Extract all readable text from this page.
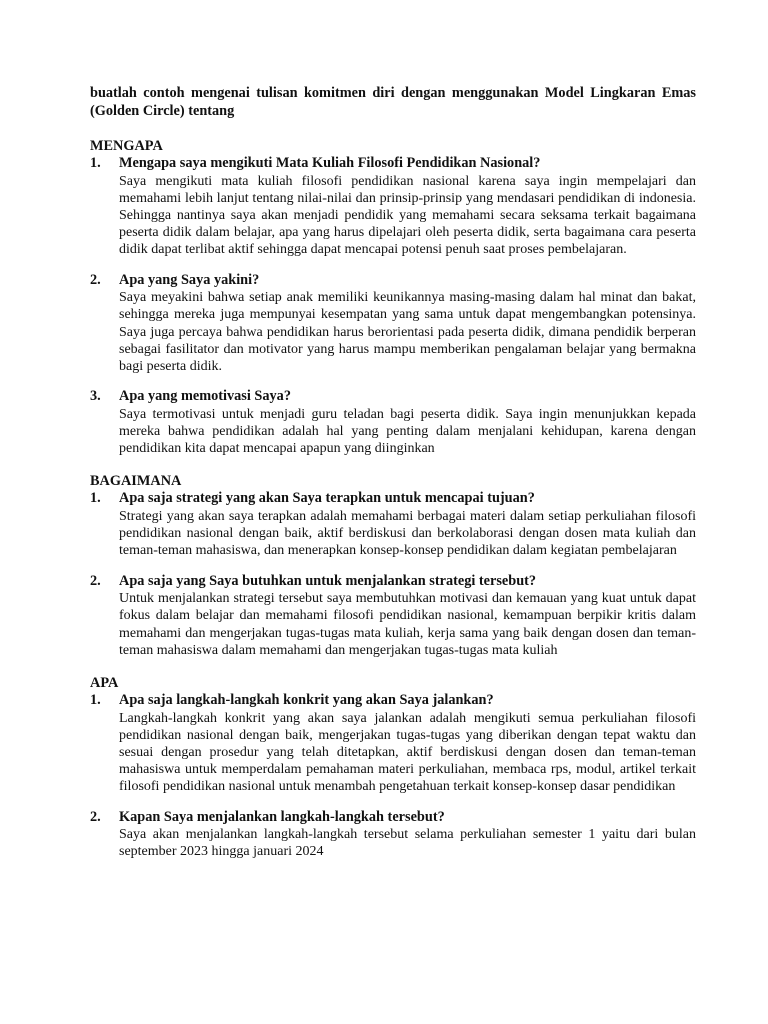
buatlah contoh mengenai tulisan komitmen diri dengan menggunakan Model Lingkaran Emas (Golden Circle) tentang

MENGAPA

1.	Mengapa saya mengikuti Mata Kuliah Filosofi Pendidikan Nasional?

Saya mengikuti mata kuliah filosofi pendidikan nasional karena saya ingin mempelajari dan memahami lebih lanjut tentang nilai-nilai dan prinsip-prinsip yang mendasari pendidikan di indonesia. Sehingga nantinya saya akan menjadi pendidik yang memahami secara seksama terkait bagaimana peserta didik dalam belajar, apa yang harus dipelajari oleh peserta didik, serta bagaimana cara peserta didik dapat terlibat aktif sehingga dapat mencapai potensi penuh saat proses pembelajaran.

2.	Apa yang Saya yakini?

Saya meyakini bahwa setiap anak memiliki keunikannya masing-masing dalam hal minat dan bakat, sehingga mereka juga mempunyai kesempatan yang sama untuk dapat mengembangkan potensinya. Saya juga percaya bahwa pendidikan harus berorientasi pada peserta didik, dimana pendidik berperan sebagai fasilitator dan motivator yang harus mampu memberikan pengalaman belajar yang bermakna bagi peserta didik.

3.	Apa yang memotivasi Saya?

Saya termotivasi untuk menjadi guru teladan bagi peserta didik. Saya ingin menunjukkan kepada mereka bahwa pendidikan adalah hal yang penting dalam menjalani kehidupan, karena dengan pendidikan kita dapat mencapai apapun yang diinginkan

BAGAIMANA

1.	Apa saja strategi yang akan Saya terapkan untuk mencapai tujuan?

Strategi yang akan saya terapkan adalah memahami berbagai materi dalam setiap perkuliahan filosofi pendidikan nasional dengan baik, aktif berdiskusi dan berkolaborasi dengan dosen mata kuliah dan teman-teman mahasiswa, dan menerapkan konsep-konsep pendidikan dalam kegiatan pembelajaran

2.	Apa saja yang Saya butuhkan untuk menjalankan strategi tersebut?

Untuk menjalankan strategi tersebut saya membutuhkan motivasi dan kemauan yang kuat untuk dapat fokus dalam belajar dan memahami filosofi pendidikan nasional, kemampuan berpikir kritis dalam memahami dan mengerjakan tugas-tugas mata kuliah, kerja sama yang baik dengan dosen dan teman-teman mahasiswa dalam memahami dan mengerjakan tugas-tugas mata kuliah

APA

1.	Apa saja langkah-langkah konkrit yang akan Saya jalankan?

Langkah-langkah konkrit yang akan saya jalankan adalah mengikuti semua perkuliahan filosofi pendidikan nasional dengan baik, mengerjakan tugas-tugas yang diberikan dengan tepat waktu dan sesuai dengan prosedur yang telah ditetapkan, aktif berdiskusi dengan dosen dan teman-teman mahasiswa untuk memperdalam pemahaman materi perkuliahan, membaca rps, modul, artikel terkait filosofi pendidikan nasional untuk menambah pengetahuan terkait konsep-konsep dasar pendidikan

2.	Kapan Saya menjalankan langkah-langkah tersebut?

Saya akan menjalankan langkah-langkah tersebut selama perkuliahan semester 1 yaitu dari bulan september 2023 hingga januari 2024
